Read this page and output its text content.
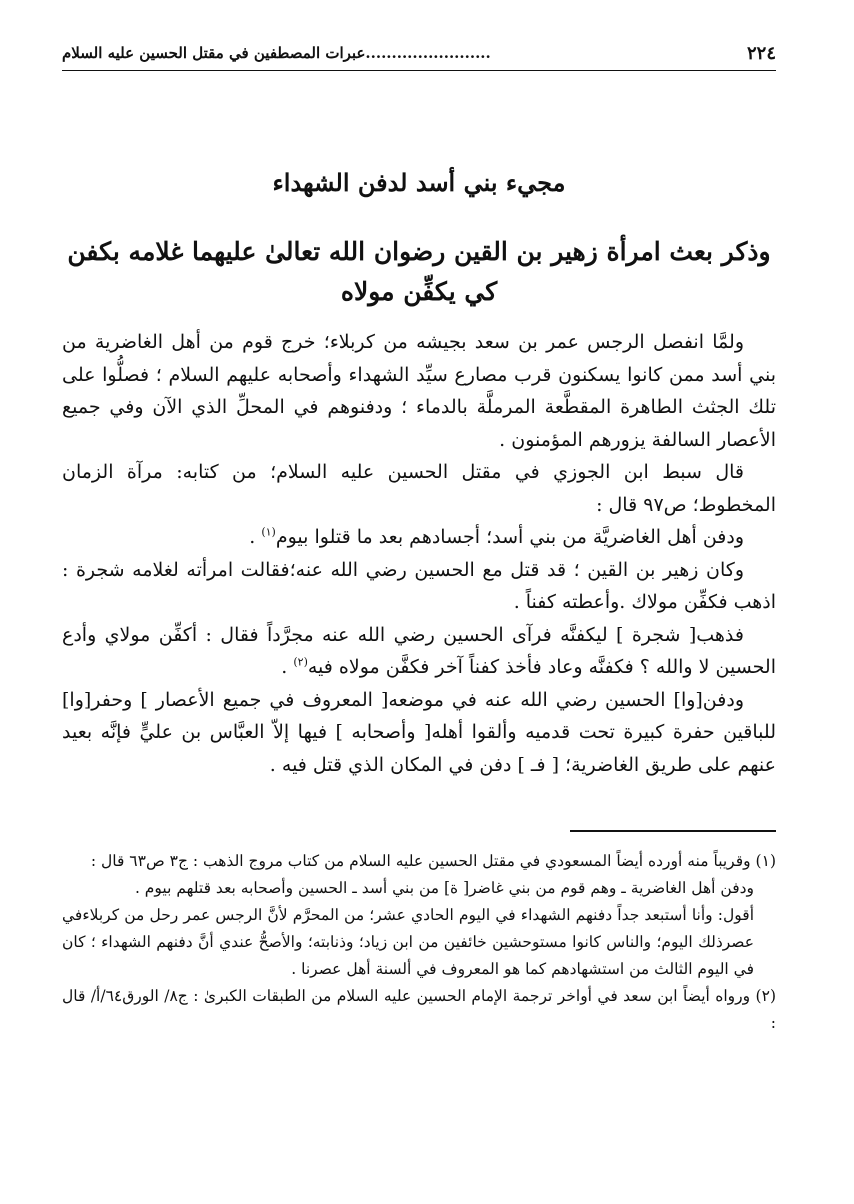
٢٢٤
........................عبرات المصطفين في مقتل الحسين عليه السلام
مجيء بني أسد لدفن الشهداء
وذكر بعث امرأة زهير بن القين رضوان الله تعالىٰ عليهما غلامه بكفن كي يكفِّن مولاه

ولمَّا انفصل الرجس عمر بن سعد بجيشه من كربلاء؛ خرج قوم من أهل الغاضرية من بني أسد ممن كانوا يسكنون قرب مصارع سيِّد الشهداء وأصحابه عليهم السلام ؛ فصلُّوا على تلك الجثث الطاهرة المقطَّعة المرملَّة بالدماء ؛ ودفنوهم في المحلِّ الذي الآن وفي جميع الأعصار السالفة يزورهم المؤمنون .

قال سبط ابن الجوزي في مقتل الحسين عليه السلام؛ من كتابه: مرآة الزمان المخطوط؛ ص٩٧ قال :

ودفن أهل الغاضريَّة من بني أسد؛ أجسادهم بعد ما قتلوا بيوم$^{(١)}$ .

وكان زهير بن القين ؛ قد قتل مع الحسين رضي الله عنه؛فقالت امرأته لغلامه شجرة : اذهب فكفِّن مولاك .وأعطته كفناً .

فذهب[ شجرة ] ليكفنَّه فرآى الحسين رضي الله عنه مجرَّداً فقال : أكفِّن مولاي وأدع الحسين لا والله ؟ فكفنَّه وعاد فأخذ كفناً آخر فكفَّن مولاه فيه$^{(٢)}$ .

ودفن[وا] الحسين رضي الله عنه في موضعه[ المعروف في جميع الأعصار ] وحفر[وا] للباقين حفرة كبيرة تحت قدميه وألقوا أهله[ وأصحابه ] فيها إلاّ العبَّاس بن عليٍّ فإنَّه بعيد عنهم على طريق الغاضرية؛ [ فـ ] دفن في المكان الذي قتل فيه .

(١) وقريباً منه أورده أيضاً المسعودي في مقتل الحسين عليه السلام من كتاب مروج الذهب : ج٣ ص٦٣ قال :

ودفن أهل الغاضرية ـ وهم قوم من بني غاضر[ ة] من بني أسد ـ الحسين وأصحابه بعد قتلهم بيوم .

أقول: وأنا أستبعد جداً دفنهم الشهداء في اليوم الحادي عشر؛ من المحرَّم لأنَّ الرجس عمر رحل من كربلاءفي عصرذلك اليوم؛ والناس كانوا مستوحشين خائفين من ابن زياد؛ وذنابته؛ والأصحُّ عندي أنَّ دفنهم الشهداء ؛ كان في اليوم الثالث من استشهادهم كما هو المعروف في ألسنة أهل عصرنا .

(٢) ورواه أيضاً ابن سعد في أواخر ترجمة الإمام الحسين عليه السلام من الطبقات الكبرىٰ : ج٨/ الورق٦٤/أ/ قال :
